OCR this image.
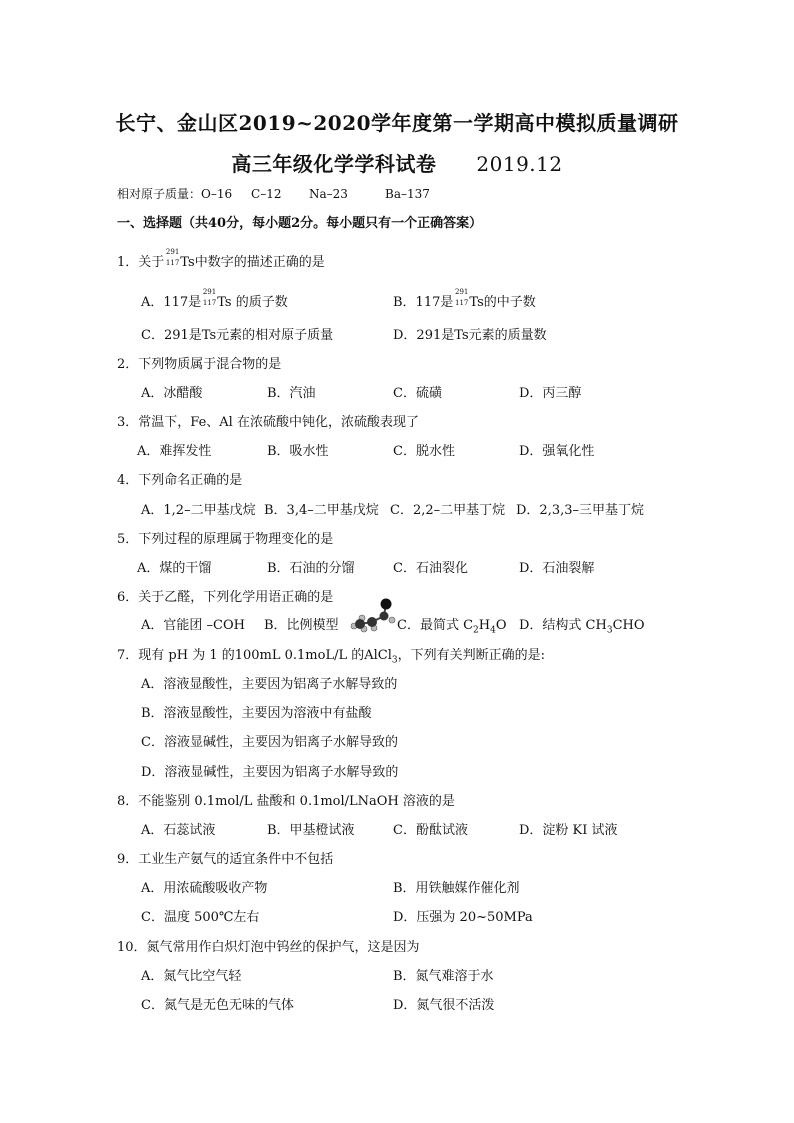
长宁、金山区2019~2020学年度第一学期高中模拟质量调研
高三年级化学学科试卷 2019.12
相对原子质量：O–16 C–12 Na–23	Ba–137
一、选择题（共40分，每小题2分。每小题只有一个正确答案）
1．关于
291
117 Ts中数字的描述正确的是
A．117是
291
117 Ts 的质子数	B．117是
291
117 Ts的中子数
C．291是Ts元素的相对原子质量	D．291是Ts元素的质量数
2．下列物质属于混合物的是
A．冰醋酸	B．汽油	C．硫磺	D．丙三醇
3．常温下，Fe、Al 在浓硫酸中钝化，浓硫酸表现了
A．难挥发性	B．吸水性	C．脱水性	D．强氧化性
4．下列命名正确的是
A．1,2–二甲基戊烷 B．3,4–二甲基戊烷 C．2,2–二甲基丁烷 D．2,3,3–三甲基丁烷
5．下列过程的原理属于物理变化的是
A．煤的干馏	B．石油的分馏	C．石油裂化	D．石油裂解
6．关于乙醛，下列化学用语正确的是
A．官能团 –COH B．比例模型	C．最简式 $C_2H_4O$ D．结构式 $CH_3CHO$
7．现有 pH 为 1 的100mL 0.1moL/L 的AlCl$_3$，下列有关判断正确的是:
A．溶液显酸性，主要因为铝离子水解导致的
B．溶液显酸性，主要因为溶液中有盐酸
C．溶液显碱性，主要因为铝离子水解导致的
D．溶液显碱性，主要因为铝离子水解导致的
8．不能鉴别 0.1mol/L 盐酸和 0.1mol/LNaOH 溶液的是
A．石蕊试液	B．甲基橙试液	C．酚酞试液	D．淀粉 KI 试液
9．工业生产氨气的适宜条件中不包括
A．用浓硫酸吸收产物	B．用铁触媒作催化剂
C．温度 500℃左右	D．压强为 20~50MPa
10．氮气常用作白炽灯泡中钨丝的保护气，这是因为
A．氮气比空气轻	B．氮气难溶于水
C．氮气是无色无味的气体	D．氮气很不活泼
